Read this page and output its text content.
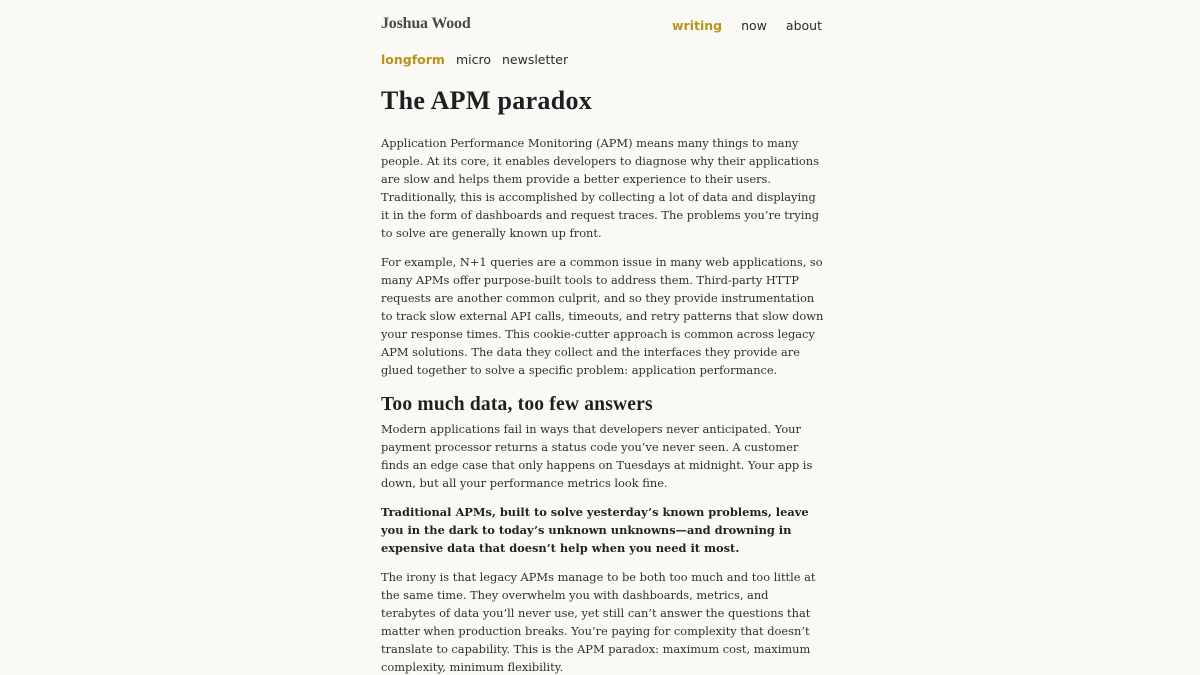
Joshua Wood	writing now about
longform micro newsletter
The APM paradox

Application Performance Monitoring (APM) means many things to many people. At its core, it enables developers to diagnose why their applications are slow and helps them provide a better experience to their users. Traditionally, this is accomplished by collecting a lot of data and displaying it in the form of dashboards and request traces. The problems you’re trying to solve are generally known up front.

For example, N+1 queries are a common issue in many web applications, so many APMs offer purpose-built tools to address them. Third-party HTTP requests are another common culprit, and so they provide instrumentation to track slow external API calls, timeouts, and retry patterns that slow down your response times. This cookie-cutter approach is common across legacy APM solutions. The data they collect and the interfaces they provide are glued together to solve a specific problem: application performance.

Too much data, too few answers

Modern applications fail in ways that developers never anticipated. Your payment processor returns a status code you’ve never seen. A customer finds an edge case that only happens on Tuesdays at midnight. Your app is down, but all your performance metrics look fine.

Traditional APMs, built to solve yesterday’s known problems, leave you in the dark to today’s unknown unknowns—and drowning in expensive data that doesn’t help when you need it most.

The irony is that legacy APMs manage to be both too much and too little at the same time. They overwhelm you with dashboards, metrics, and terabytes of data you’ll never use, yet still can’t answer the questions that matter when production breaks. You’re paying for complexity that doesn’t translate to capability. This is the APM paradox: maximum cost, maximum complexity, minimum flexibility.
